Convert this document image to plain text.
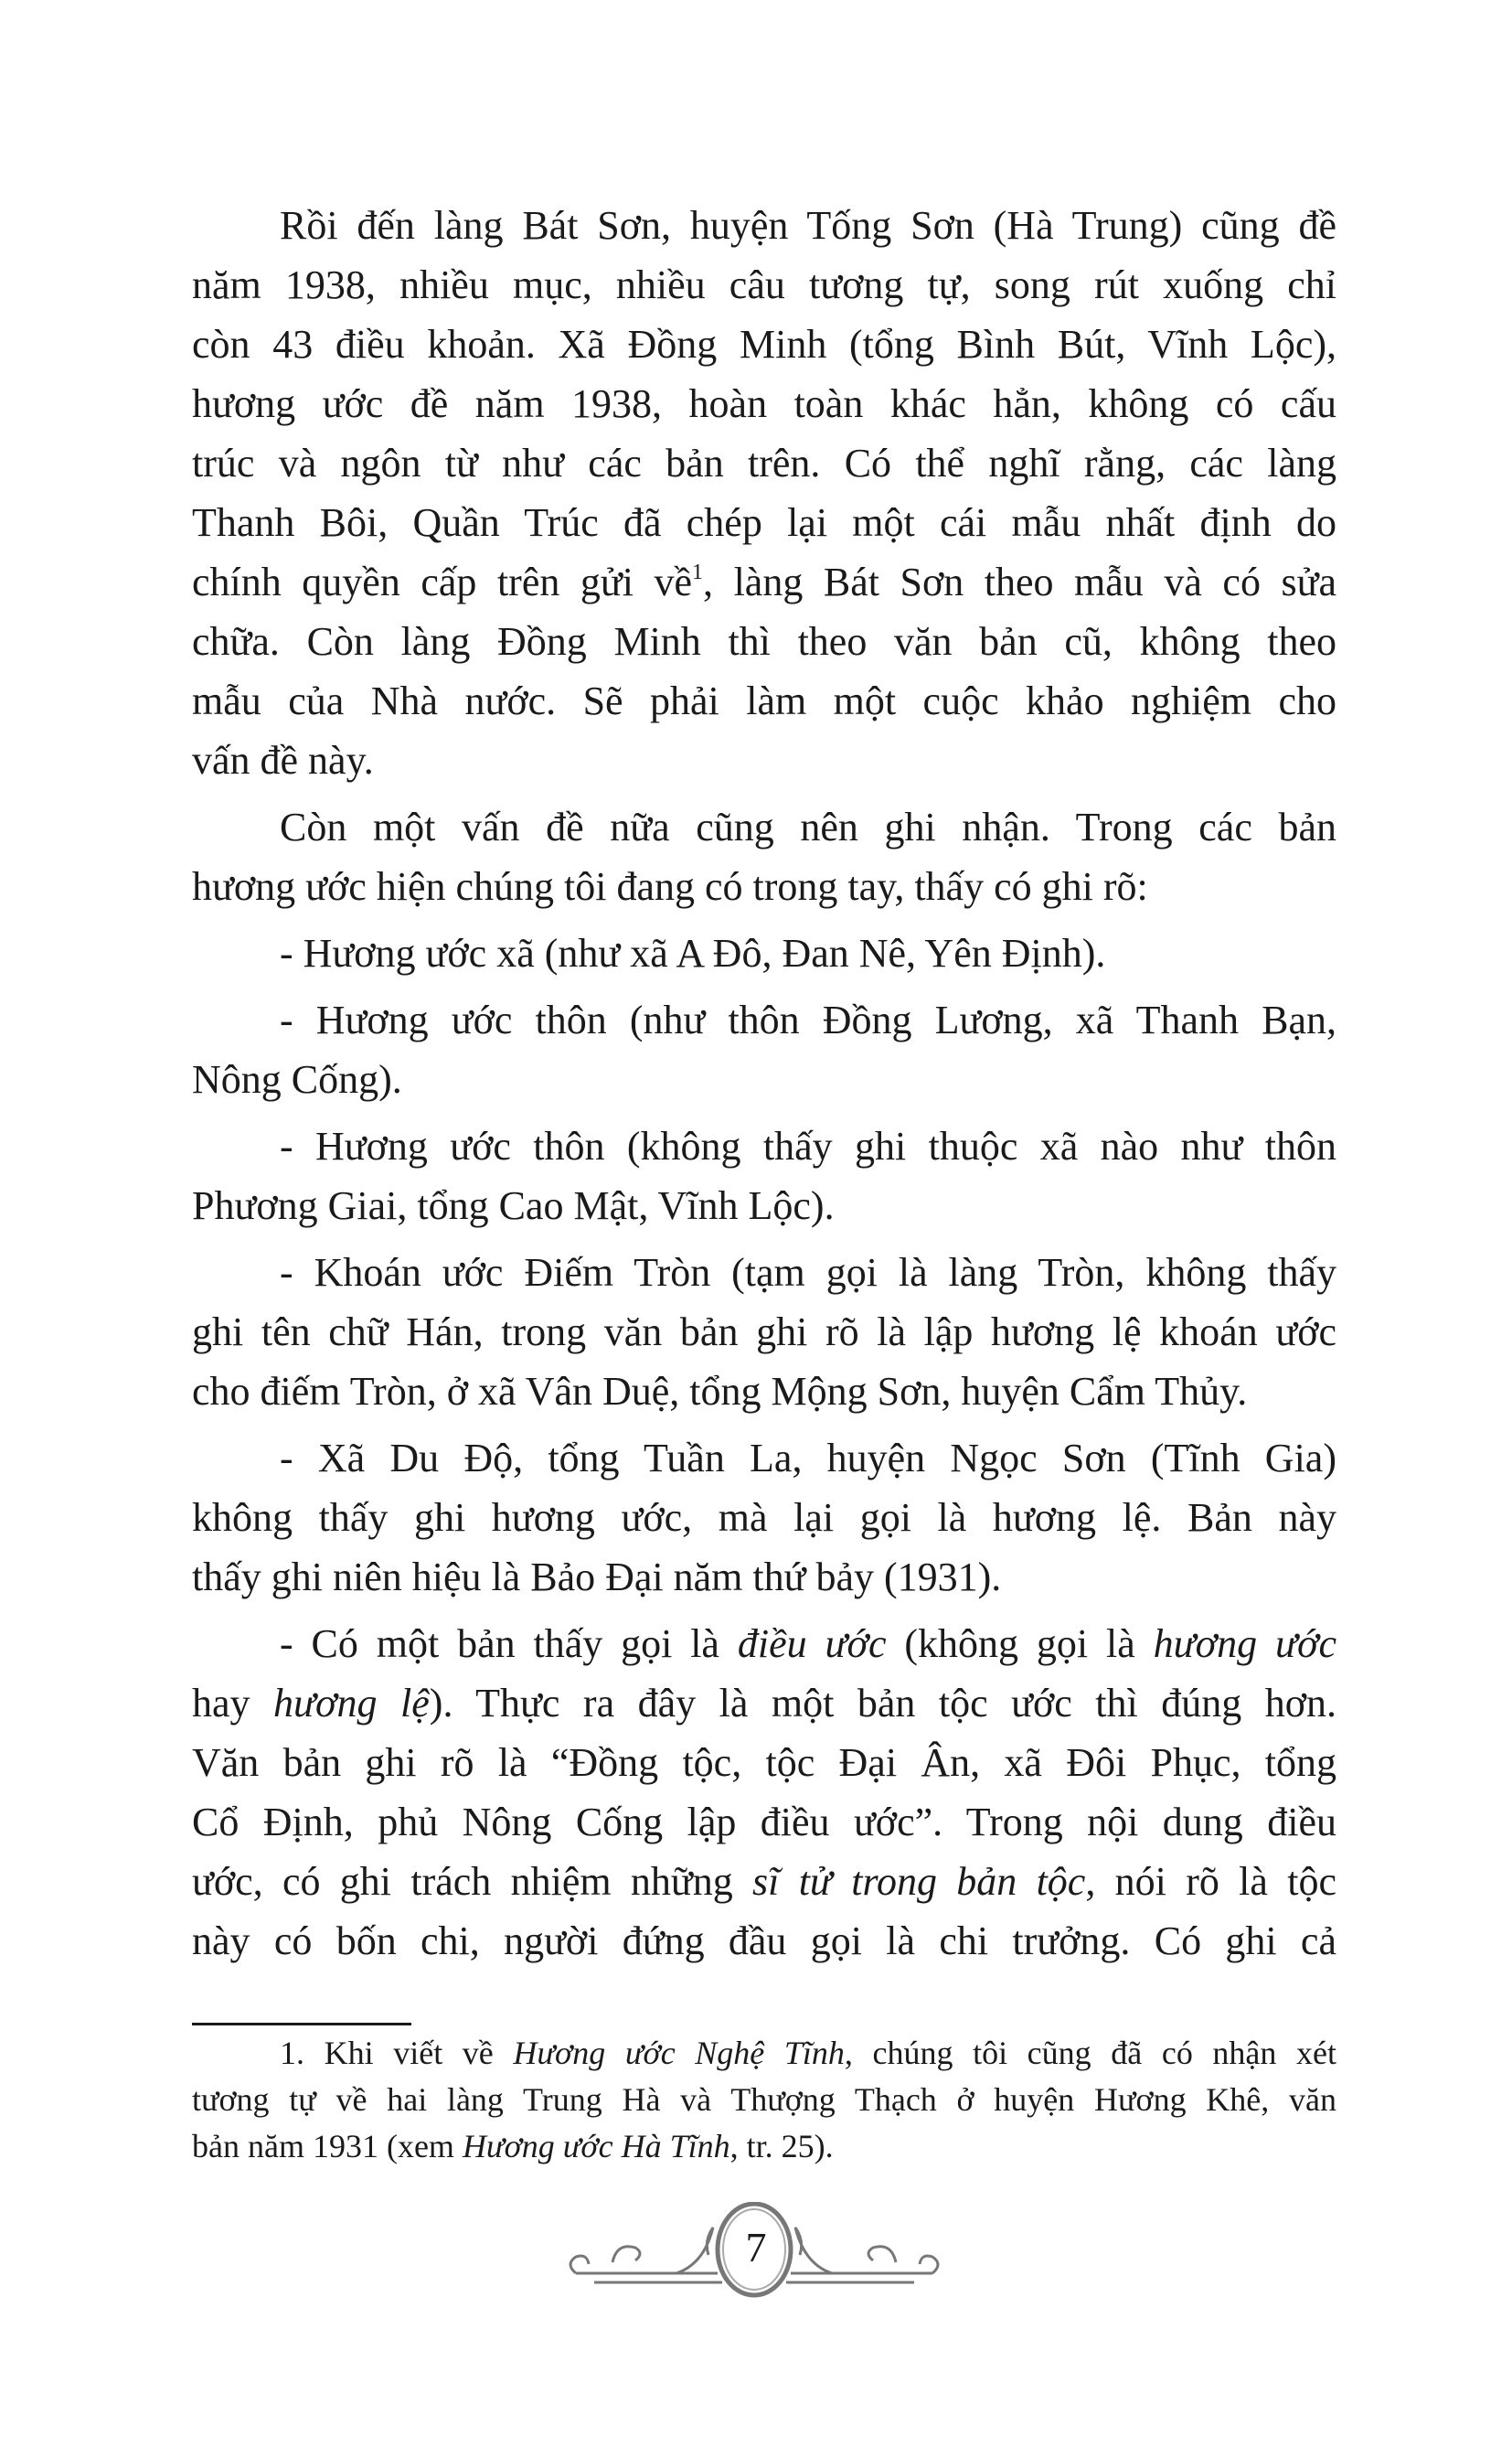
Rồi đến làng Bát Sơn, huyện Tống Sơn (Hà Trung) cũng đề
năm 1938, nhiều mục, nhiều câu tương tự, song rút xuống chỉ
còn 43 điều khoản. Xã Đồng Minh (tổng Bình Bút, Vĩnh Lộc),
hương ước đề năm 1938, hoàn toàn khác hẳn, không có cấu
trúc và ngôn từ như các bản trên. Có thể nghĩ rằng, các làng
Thanh Bôi, Quần Trúc đã chép lại một cái mẫu nhất định do
chính quyền cấp trên gửi về$^1$, làng Bát Sơn theo mẫu và có sửa
chữa. Còn làng Đồng Minh thì theo văn bản cũ, không theo
mẫu của Nhà nước. Sẽ phải làm một cuộc khảo nghiệm cho
vấn đề này.
Còn một vấn đề nữa cũng nên ghi nhận. Trong các bản
hương ước hiện chúng tôi đang có trong tay, thấy có ghi rõ:
- Hương ước xã (như xã A Đô, Đan Nê, Yên Định).
- Hương ước thôn (như thôn Đồng Lương, xã Thanh Bạn,
Nông Cống).
- Hương ước thôn (không thấy ghi thuộc xã nào như thôn
Phương Giai, tổng Cao Mật, Vĩnh Lộc).
- Khoán ước Điếm Tròn (tạm gọi là làng Tròn, không thấy
ghi tên chữ Hán, trong văn bản ghi rõ là lập hương lệ khoán ước
cho điếm Tròn, ở xã Vân Duệ, tổng Mộng Sơn, huyện Cẩm Thủy.
- Xã Du Độ, tổng Tuần La, huyện Ngọc Sơn (Tĩnh Gia)
không thấy ghi hương ước, mà lại gọi là hương lệ. Bản này
thấy ghi niên hiệu là Bảo Đại năm thứ bảy (1931).
- Có một bản thấy gọi là điều ước (không gọi là hương ước
hay hương lệ). Thực ra đây là một bản tộc ước thì đúng hơn.
Văn bản ghi rõ là “Đồng tộc, tộc Đại Ân, xã Đôi Phục, tổng
Cổ Định, phủ Nông Cống lập điều ước”. Trong nội dung điều
ước, có ghi trách nhiệm những sĩ tử trong bản tộc, nói rõ là tộc
này có bốn chi, người đứng đầu gọi là chi trưởng. Có ghi cả
1. Khi viết về Hương ước Nghệ Tĩnh, chúng tôi cũng đã có nhận xét
tương tự về hai làng Trung Hà và Thượng Thạch ở huyện Hương Khê, văn
bản năm 1931 (xem Hương ước Hà Tĩnh, tr. 25).
7
